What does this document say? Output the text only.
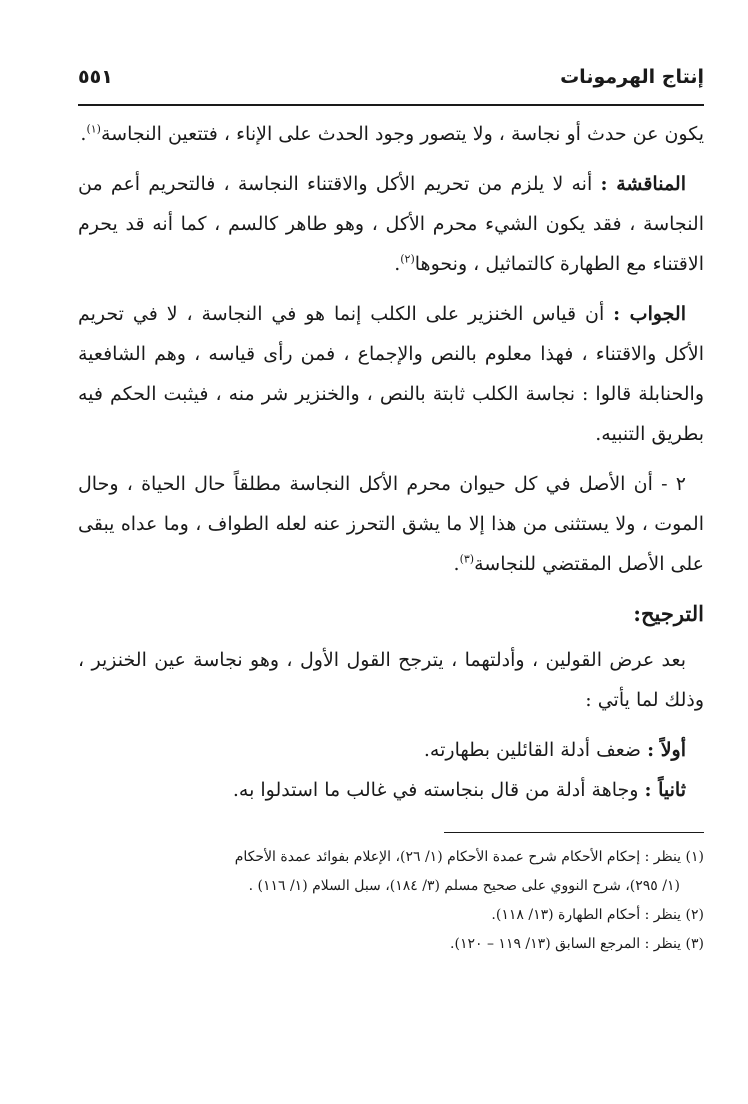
إنتاج الهرمونات
٥٥١

يكون عن حدث أو نجاسة ، ولا يتصور وجود الحدث على الإناء ، فتتعين النجاسة$^{(١)}$.

المناقشة : أنه لا يلزم من تحريم الأكل والاقتناء النجاسة ، فالتحريم أعم من النجاسة ، فقد يكون الشيء محرم الأكل ، وهو طاهر كالسم ، كما أنه قد يحرم الاقتناء مع الطهارة كالتماثيل ، ونحوها$^{(٢)}$.

الجواب : أن قياس الخنزير على الكلب إنما هو في النجاسة ، لا في تحريم الأكل والاقتناء ، فهذا معلوم بالنص والإجماع ، فمن رأى قياسه ، وهم الشافعية والحنابلة قالوا : نجاسة الكلب ثابتة بالنص ، والخنزير شر منه ، فيثبت الحكم فيه بطريق التنبيه.

٢ - أن الأصل في كل حيوان محرم الأكل النجاسة مطلقاً حال الحياة ، وحال الموت ، ولا يستثنى من هذا إلا ما يشق التحرز عنه لعله الطواف ، وما عداه يبقى على الأصل المقتضي للنجاسة$^{(٣)}$.

الترجيح:

بعد عرض القولين ، وأدلتهما ، يترجح القول الأول ، وهو نجاسة عين الخنزير ، وذلك لما يأتي :

أولاً : ضعف أدلة القائلين بطهارته.

ثانياً : وجاهة أدلة من قال بنجاسته في غالب ما استدلوا به.

(١) ينظر : إحكام الأحكام شرح عمدة الأحكام (١/ ٢٦)، الإعلام بفوائد عمدة الأحكام

(١/ ٢٩٥)، شرح النووي على صحيح مسلم (٣/ ١٨٤)، سبل السلام (١/ ١١٦) .

(٢) ينظر : أحكام الطهارة (١٣/ ١١٨).

(٣) ينظر : المرجع السابق (١٣/ ١١٩ – ١٢٠).
